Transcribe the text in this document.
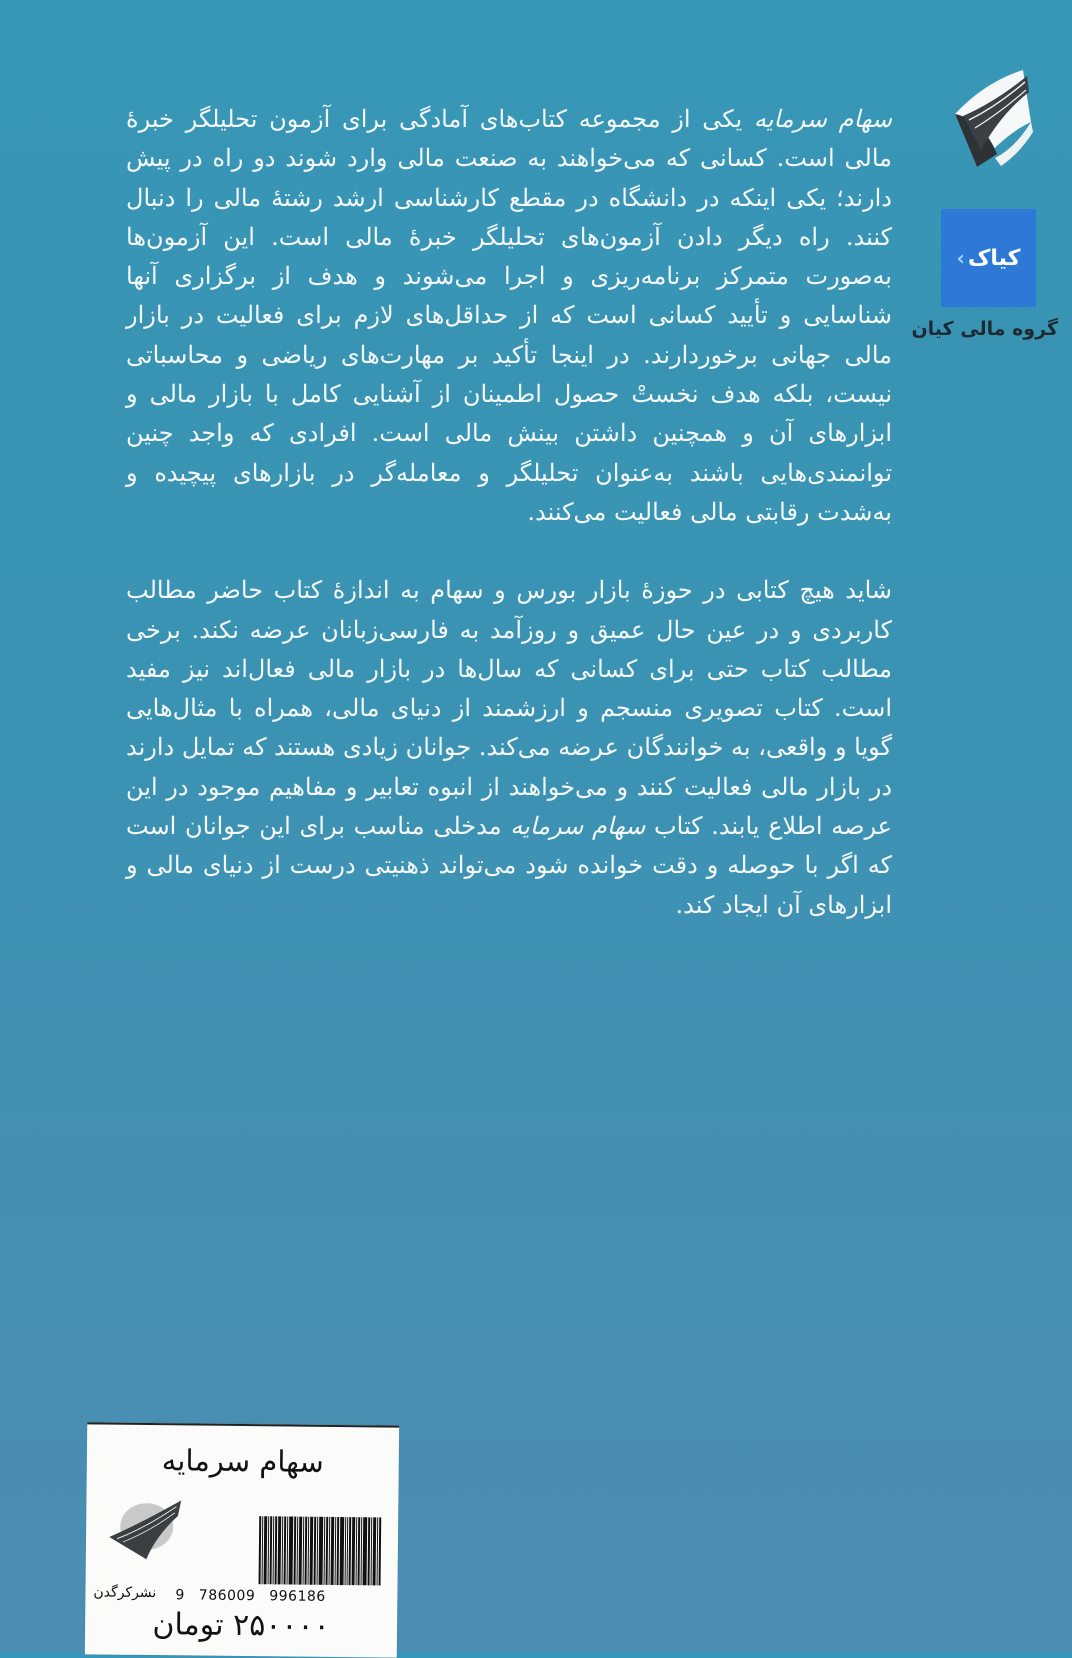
کیاک
›
گروه مالی کیان

سهام سرمایه یکی از مجموعه کتاب‌های آمادگی برای آزمون تحلیلگر خبرهٔ مالی است. کسانی که می‌خواهند به صنعت مالی وارد شوند دو راه در پیش دارند؛ یکی اینکه در دانشگاه در مقطع کارشناسی ارشد رشتهٔ مالی را دنبال کنند. راه دیگر دادن آزمون‌های تحلیلگر خبرهٔ مالی است. این آزمون‌ها به‌صورت متمرکز برنامه‌ریزی و اجرا می‌شوند و هدف از برگزاری آنها شناسایی و تأیید کسانی است که از حداقل‌های لازم برای فعالیت در بازار مالی جهانی برخوردارند. در اینجا تأکید بر مهارت‌های ریاضی و محاسباتی نیست، بلکه هدف نخستْ حصول اطمینان از آشنایی کامل با بازار مالی و ابزارهای آن و همچنین داشتن بینش مالی است. افرادی که واجد چنین توانمندی‌هایی باشند به‌عنوان تحلیلگر و معامله‌گر در بازارهای پیچیده و به‌شدت رقابتی مالی فعالیت می‌کنند.

شاید هیچ کتابی در حوزهٔ بازار بورس و سهام به اندازهٔ کتاب حاضر مطالب کاربردی و در عین حال عمیق و روزآمد به فارسی‌زبانان عرضه نکند. برخی مطالب کتاب حتی برای کسانی که سال‌ها در بازار مالی فعال‌اند نیز مفید است. کتاب تصویری منسجم و ارزشمند از دنیای مالی، همراه با مثال‌هایی گویا و واقعی، به خوانندگان عرضه می‌کند. جوانان زیادی هستند که تمایل دارند در بازار مالی فعالیت کنند و می‌خواهند از انبوه تعابیر و مفاهیم موجود در این عرصه اطلاع یابند. کتاب سهام سرمایه مدخلی مناسب برای این جوانان است که اگر با حوصله و دقت خوانده شود می‌تواند ذهنیتی درست از دنیای مالی و ابزارهای آن ایجاد کند.

سهام سرمایه
9 786009 996186
نشرکرگدن
۲۵۰۰۰۰ تومان
